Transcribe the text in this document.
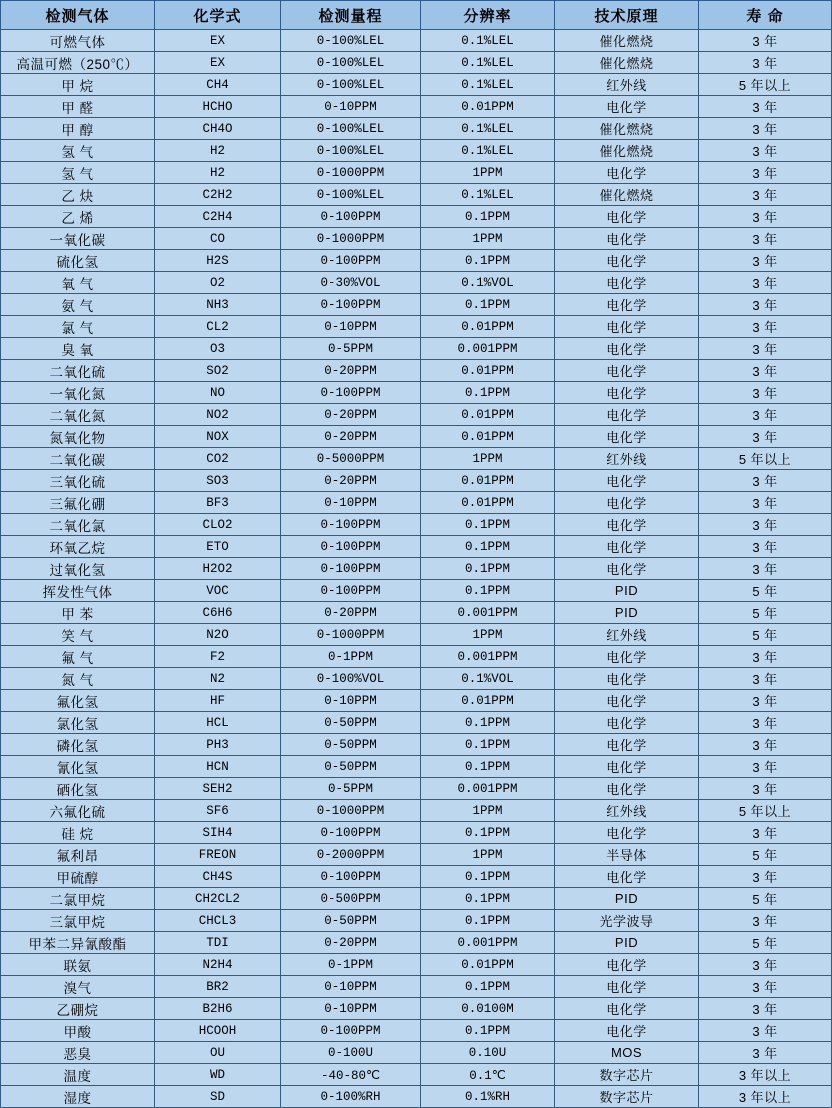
检测气体	化学式	检测量程	分辨率	技术原理	寿 命
可燃气体	EX	0-100%LEL	0.1%LEL	催化燃烧	3 年
高温可燃（250℃）	EX	0-100%LEL	0.1%LEL	催化燃烧	3 年
甲 烷	CH4	0-100%LEL	0.1%LEL	红外线	5 年以上
甲 醛	HCHO	0-10PPM	0.01PPM	电化学	3 年
甲 醇	CH4O	0-100%LEL	0.1%LEL	催化燃烧	3 年
氢 气	H2	0-100%LEL	0.1%LEL	催化燃烧	3 年
氢 气	H2	0-1000PPM	1PPM	电化学	3 年
乙 炔	C2H2	0-100%LEL	0.1%LEL	催化燃烧	3 年
乙 烯	C2H4	0-100PPM	0.1PPM	电化学	3 年
一氧化碳	CO	0-1000PPM	1PPM	电化学	3 年
硫化氢	H2S	0-100PPM	0.1PPM	电化学	3 年
氧 气	O2	0-30%VOL	0.1%VOL	电化学	3 年
氨 气	NH3	0-100PPM	0.1PPM	电化学	3 年
氯 气	CL2	0-10PPM	0.01PPM	电化学	3 年
臭 氧	O3	0-5PPM	0.001PPM	电化学	3 年
二氧化硫	SO2	0-20PPM	0.01PPM	电化学	3 年
一氧化氮	NO	0-100PPM	0.1PPM	电化学	3 年
二氧化氮	NO2	0-20PPM	0.01PPM	电化学	3 年
氮氧化物	NOX	0-20PPM	0.01PPM	电化学	3 年
二氧化碳	CO2	0-5000PPM	1PPM	红外线	5 年以上
三氧化硫	SO3	0-20PPM	0.01PPM	电化学	3 年
三氟化硼	BF3	0-10PPM	0.01PPM	电化学	3 年
二氧化氯	CLO2	0-100PPM	0.1PPM	电化学	3 年
环氧乙烷	ETO	0-100PPM	0.1PPM	电化学	3 年
过氧化氢	H2O2	0-100PPM	0.1PPM	电化学	3 年
挥发性气体	VOC	0-100PPM	0.1PPM	PID	5 年
甲 苯	C6H6	0-20PPM	0.001PPM	PID	5 年
笑 气	N2O	0-1000PPM	1PPM	红外线	5 年
氟 气	F2	0-1PPM	0.001PPM	电化学	3 年
氮 气	N2	0-100%VOL	0.1%VOL	电化学	3 年
氟化氢	HF	0-10PPM	0.01PPM	电化学	3 年
氯化氢	HCL	0-50PPM	0.1PPM	电化学	3 年
磷化氢	PH3	0-50PPM	0.1PPM	电化学	3 年
氰化氢	HCN	0-50PPM	0.1PPM	电化学	3 年
硒化氢	SEH2	0-5PPM	0.001PPM	电化学	3 年
六氟化硫	SF6	0-1000PPM	1PPM	红外线	5 年以上
硅 烷	SIH4	0-100PPM	0.1PPM	电化学	3 年
氟利昂	FREON	0-2000PPM	1PPM	半导体	5 年
甲硫醇	CH4S	0-100PPM	0.1PPM	电化学	3 年
二氯甲烷	CH2CL2	0-500PPM	0.1PPM	PID	5 年
三氯甲烷	CHCL3	0-50PPM	0.1PPM	光学波导	3 年
甲苯二异氰酸酯	TDI	0-20PPM	0.001PPM	PID	5 年
联氨	N2H4	0-1PPM	0.01PPM	电化学	3 年
溴气	BR2	0-10PPM	0.1PPM	电化学	3 年
乙硼烷	B2H6	0-10PPM	0.0100M	电化学	3 年
甲酸	HCOOH	0-100PPM	0.1PPM	电化学	3 年
恶臭	OU	0-100U	0.10U	MOS	3 年
温度	WD	-40-80℃	0.1℃	数字芯片	3 年以上
湿度	SD	0-100%RH	0.1%RH	数字芯片	3 年以上
